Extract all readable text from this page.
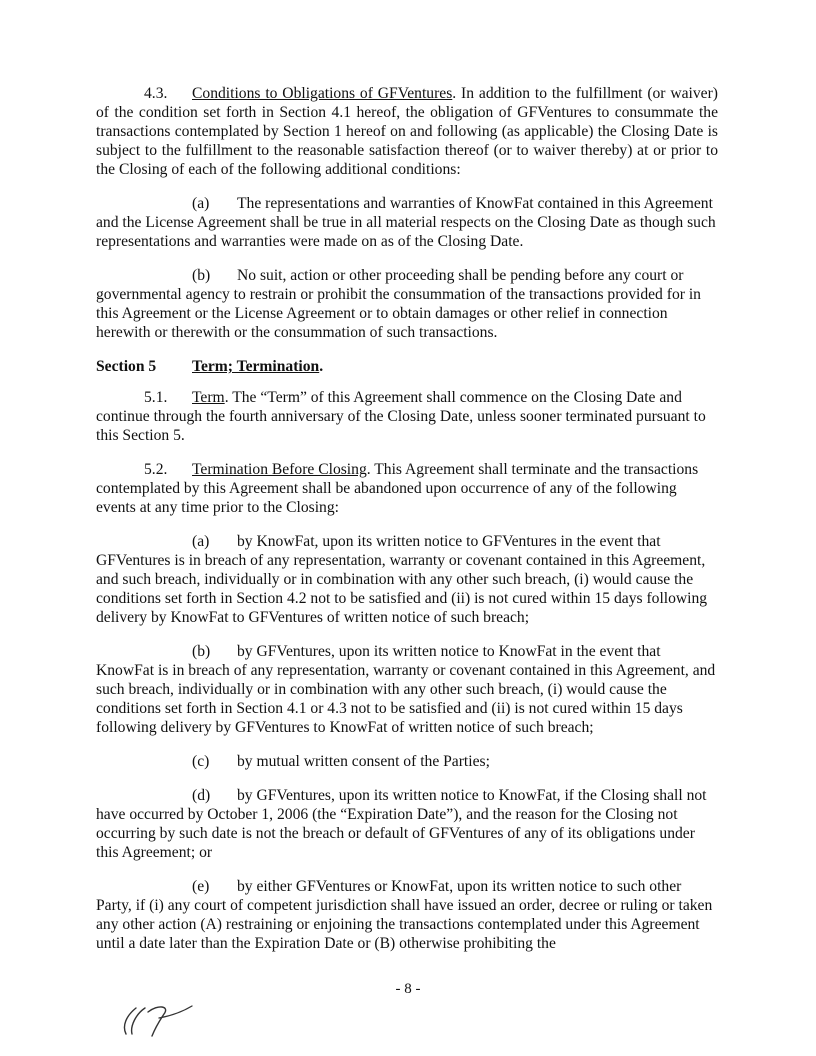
4.3. Conditions to Obligations of GFVentures. In addition to the fulfillment (or waiver) of the condition set forth in Section 4.1 hereof, the obligation of GFVentures to consummate the transactions contemplated by Section 1 hereof on and following (as applicable) the Closing Date is subject to the fulfillment to the reasonable satisfaction thereof (or to waiver thereby) at or prior to the Closing of each of the following additional conditions:

(a) The representations and warranties of KnowFat contained in this Agreement and the License Agreement shall be true in all material respects on the Closing Date as though such representations and warranties were made on as of the Closing Date.

(b) No suit, action or other proceeding shall be pending before any court or governmental agency to restrain or prohibit the consummation of the transactions provided for in this Agreement or the License Agreement or to obtain damages or other relief in connection herewith or therewith or the consummation of such transactions.

Section 5 Term; Termination.

5.1. Term. The “Term” of this Agreement shall commence on the Closing Date and continue through the fourth anniversary of the Closing Date, unless sooner terminated pursuant to this Section 5.

5.2. Termination Before Closing. This Agreement shall terminate and the transactions contemplated by this Agreement shall be abandoned upon occurrence of any of the following events at any time prior to the Closing:

(a) by KnowFat, upon its written notice to GFVentures in the event that GFVentures is in breach of any representation, warranty or covenant contained in this Agreement, and such breach, individually or in combination with any other such breach, (i) would cause the conditions set forth in Section 4.2 not to be satisfied and (ii) is not cured within 15 days following delivery by KnowFat to GFVentures of written notice of such breach;

(b) by GFVentures, upon its written notice to KnowFat in the event that KnowFat is in breach of any representation, warranty or covenant contained in this Agreement, and such breach, individually or in combination with any other such breach, (i) would cause the conditions set forth in Section 4.1 or 4.3 not to be satisfied and (ii) is not cured within 15 days following delivery by GFVentures to KnowFat of written notice of such breach;

(c) by mutual written consent of the Parties;

(d) by GFVentures, upon its written notice to KnowFat, if the Closing shall not have occurred by October 1, 2006 (the “Expiration Date”), and the reason for the Closing not occurring by such date is not the breach or default of GFVentures of any of its obligations under this Agreement; or

(e) by either GFVentures or KnowFat, upon its written notice to such other Party, if (i) any court of competent jurisdiction shall have issued an order, decree or ruling or taken any other action (A) restraining or enjoining the transactions contemplated under this Agreement until a date later than the Expiration Date or (B) otherwise prohibiting the

- 8 -
